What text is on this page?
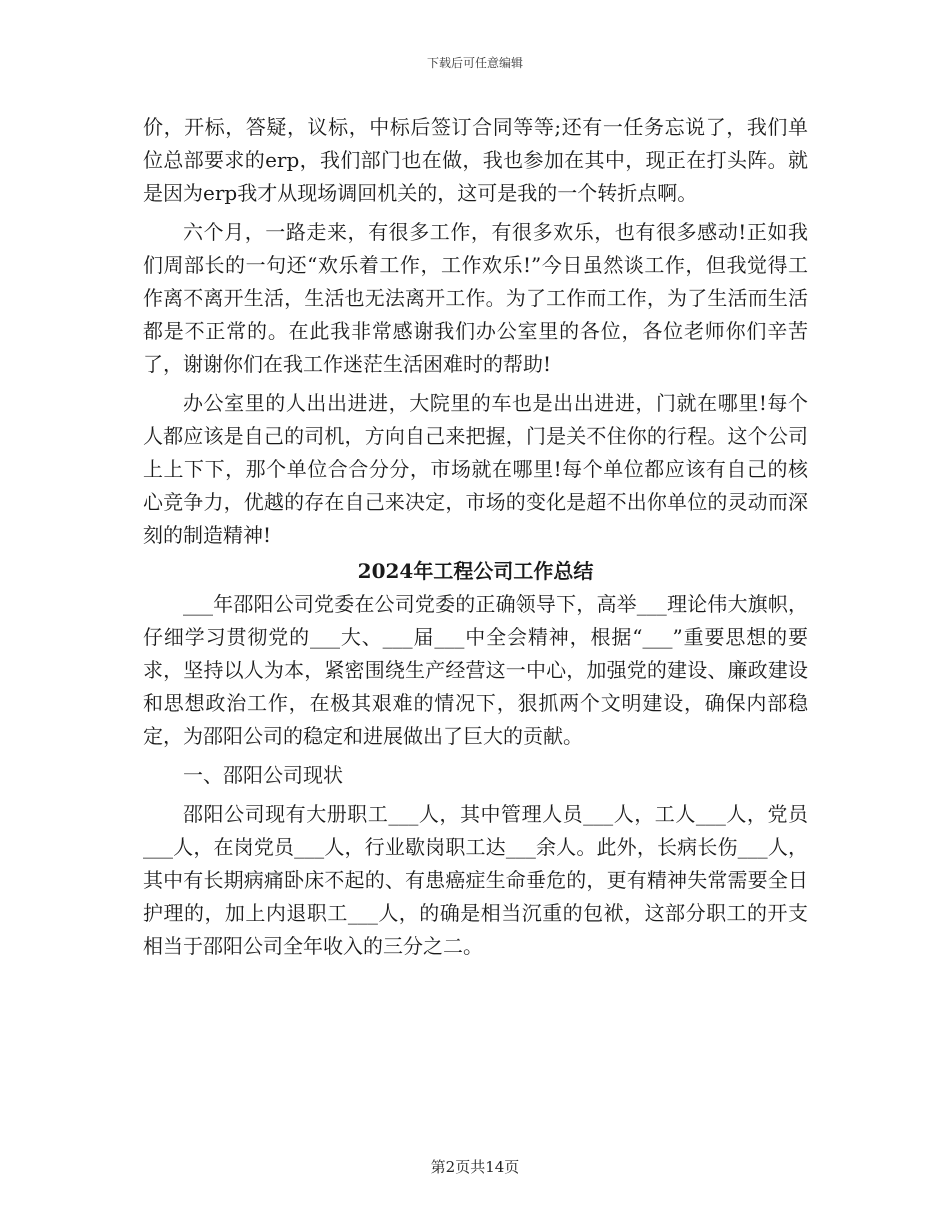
下载后可任意编辑

价，开标，答疑，议标，中标后签订合同等等;还有一任务忘说了，我们单位总部要求的erp，我们部门也在做，我也参加在其中，现正在打头阵。就是因为erp我才从现场调回机关的，这可是我的一个转折点啊。

六个月，一路走来，有很多工作，有很多欢乐，也有很多感动!正如我们周部长的一句还“欢乐着工作，工作欢乐!”今日虽然谈工作，但我觉得工作离不离开生活，生活也无法离开工作。为了工作而工作，为了生活而生活都是不正常的。在此我非常感谢我们办公室里的各位，各位老师你们辛苦了，谢谢你们在我工作迷茫生活困难时的帮助!

办公室里的人出出进进，大院里的车也是出出进进，门就在哪里!每个人都应该是自己的司机，方向自己来把握，门是关不住你的行程。这个公司上上下下，那个单位合合分分，市场就在哪里!每个单位都应该有自己的核心竞争力，优越的存在自己来决定，市场的变化是超不出你单位的灵动而深刻的制造精神!

2024年工程公司工作总结

___年邵阳公司党委在公司党委的正确领导下，高举___理论伟大旗帜，仔细学习贯彻党的___大、___届___中全会精神，根据“___”重要思想的要求，坚持以人为本，紧密围绕生产经营这一中心，加强党的建设、廉政建设和思想政治工作，在极其艰难的情况下，狠抓两个文明建设，确保内部稳定，为邵阳公司的稳定和进展做出了巨大的贡献。

一、邵阳公司现状

邵阳公司现有大册职工___人，其中管理人员___人，工人___人，党员___人，在岗党员___人，行业歇岗职工达___余人。此外，长病长伤___人，其中有长期病痛卧床不起的、有患癌症生命垂危的，更有精神失常需要全日护理的，加上内退职工___人，的确是相当沉重的包袱，这部分职工的开支相当于邵阳公司全年收入的三分之二。

第2页共14页
